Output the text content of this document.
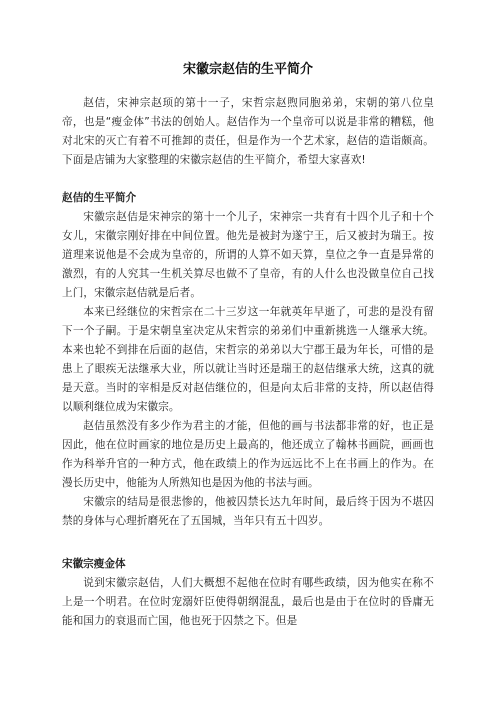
宋徽宗赵佶的生平简介

赵佶，宋神宗赵顼的第十一子，宋哲宗赵煦同胞弟弟，宋朝的第八位皇帝，也是“瘦金体”书法的创始人。赵佶作为一个皇帝可以说是非常的糟糕，他对北宋的灭亡有着不可推卸的责任，但是作为一个艺术家，赵佶的造诣颇高。下面是店铺为大家整理的宋徽宗赵佶的生平简介，希望大家喜欢!

赵佶的生平简介

宋徽宗赵佶是宋神宗的第十一个儿子，宋神宗一共育有十四个儿子和十个女儿，宋徽宗刚好排在中间位置。他先是被封为遂宁王，后又被封为瑞王。按道理来说他是不会成为皇帝的，所谓的人算不如天算，皇位之争一直是异常的激烈，有的人究其一生机关算尽也做不了皇帝，有的人什么也没做皇位自己找上门，宋徽宗赵佶就是后者。

本来已经继位的宋哲宗在二十三岁这一年就英年早逝了，可悲的是没有留下一个子嗣。于是宋朝皇室决定从宋哲宗的弟弟们中重新挑选一人继承大统。本来也轮不到排在后面的赵佶，宋哲宗的弟弟以大宁郡王最为年长，可惜的是患上了眼疾无法继承大业，所以就让当时还是瑞王的赵佶继承大统，这真的就是天意。当时的宰相是反对赵佶继位的，但是向太后非常的支持，所以赵佶得以顺利继位成为宋徽宗。

赵佶虽然没有多少作为君主的才能，但他的画与书法都非常的好，也正是因此，他在位时画家的地位是历史上最高的，他还成立了翰林书画院，画画也作为科举升官的一种方式，他在政绩上的作为远远比不上在书画上的作为。在漫长历史中，他能为人所熟知也是因为他的书法与画。

宋徽宗的结局是很悲惨的，他被囚禁长达九年时间，最后终于因为不堪囚禁的身体与心理折磨死在了五国城，当年只有五十四岁。

宋徽宗瘦金体

说到宋徽宗赵佶，人们大概想不起他在位时有哪些政绩，因为他实在称不上是一个明君。在位时宠溺奸臣使得朝纲混乱，最后也是由于在位时的昏庸无能和国力的衰退而亡国，他也死于囚禁之下。但是
